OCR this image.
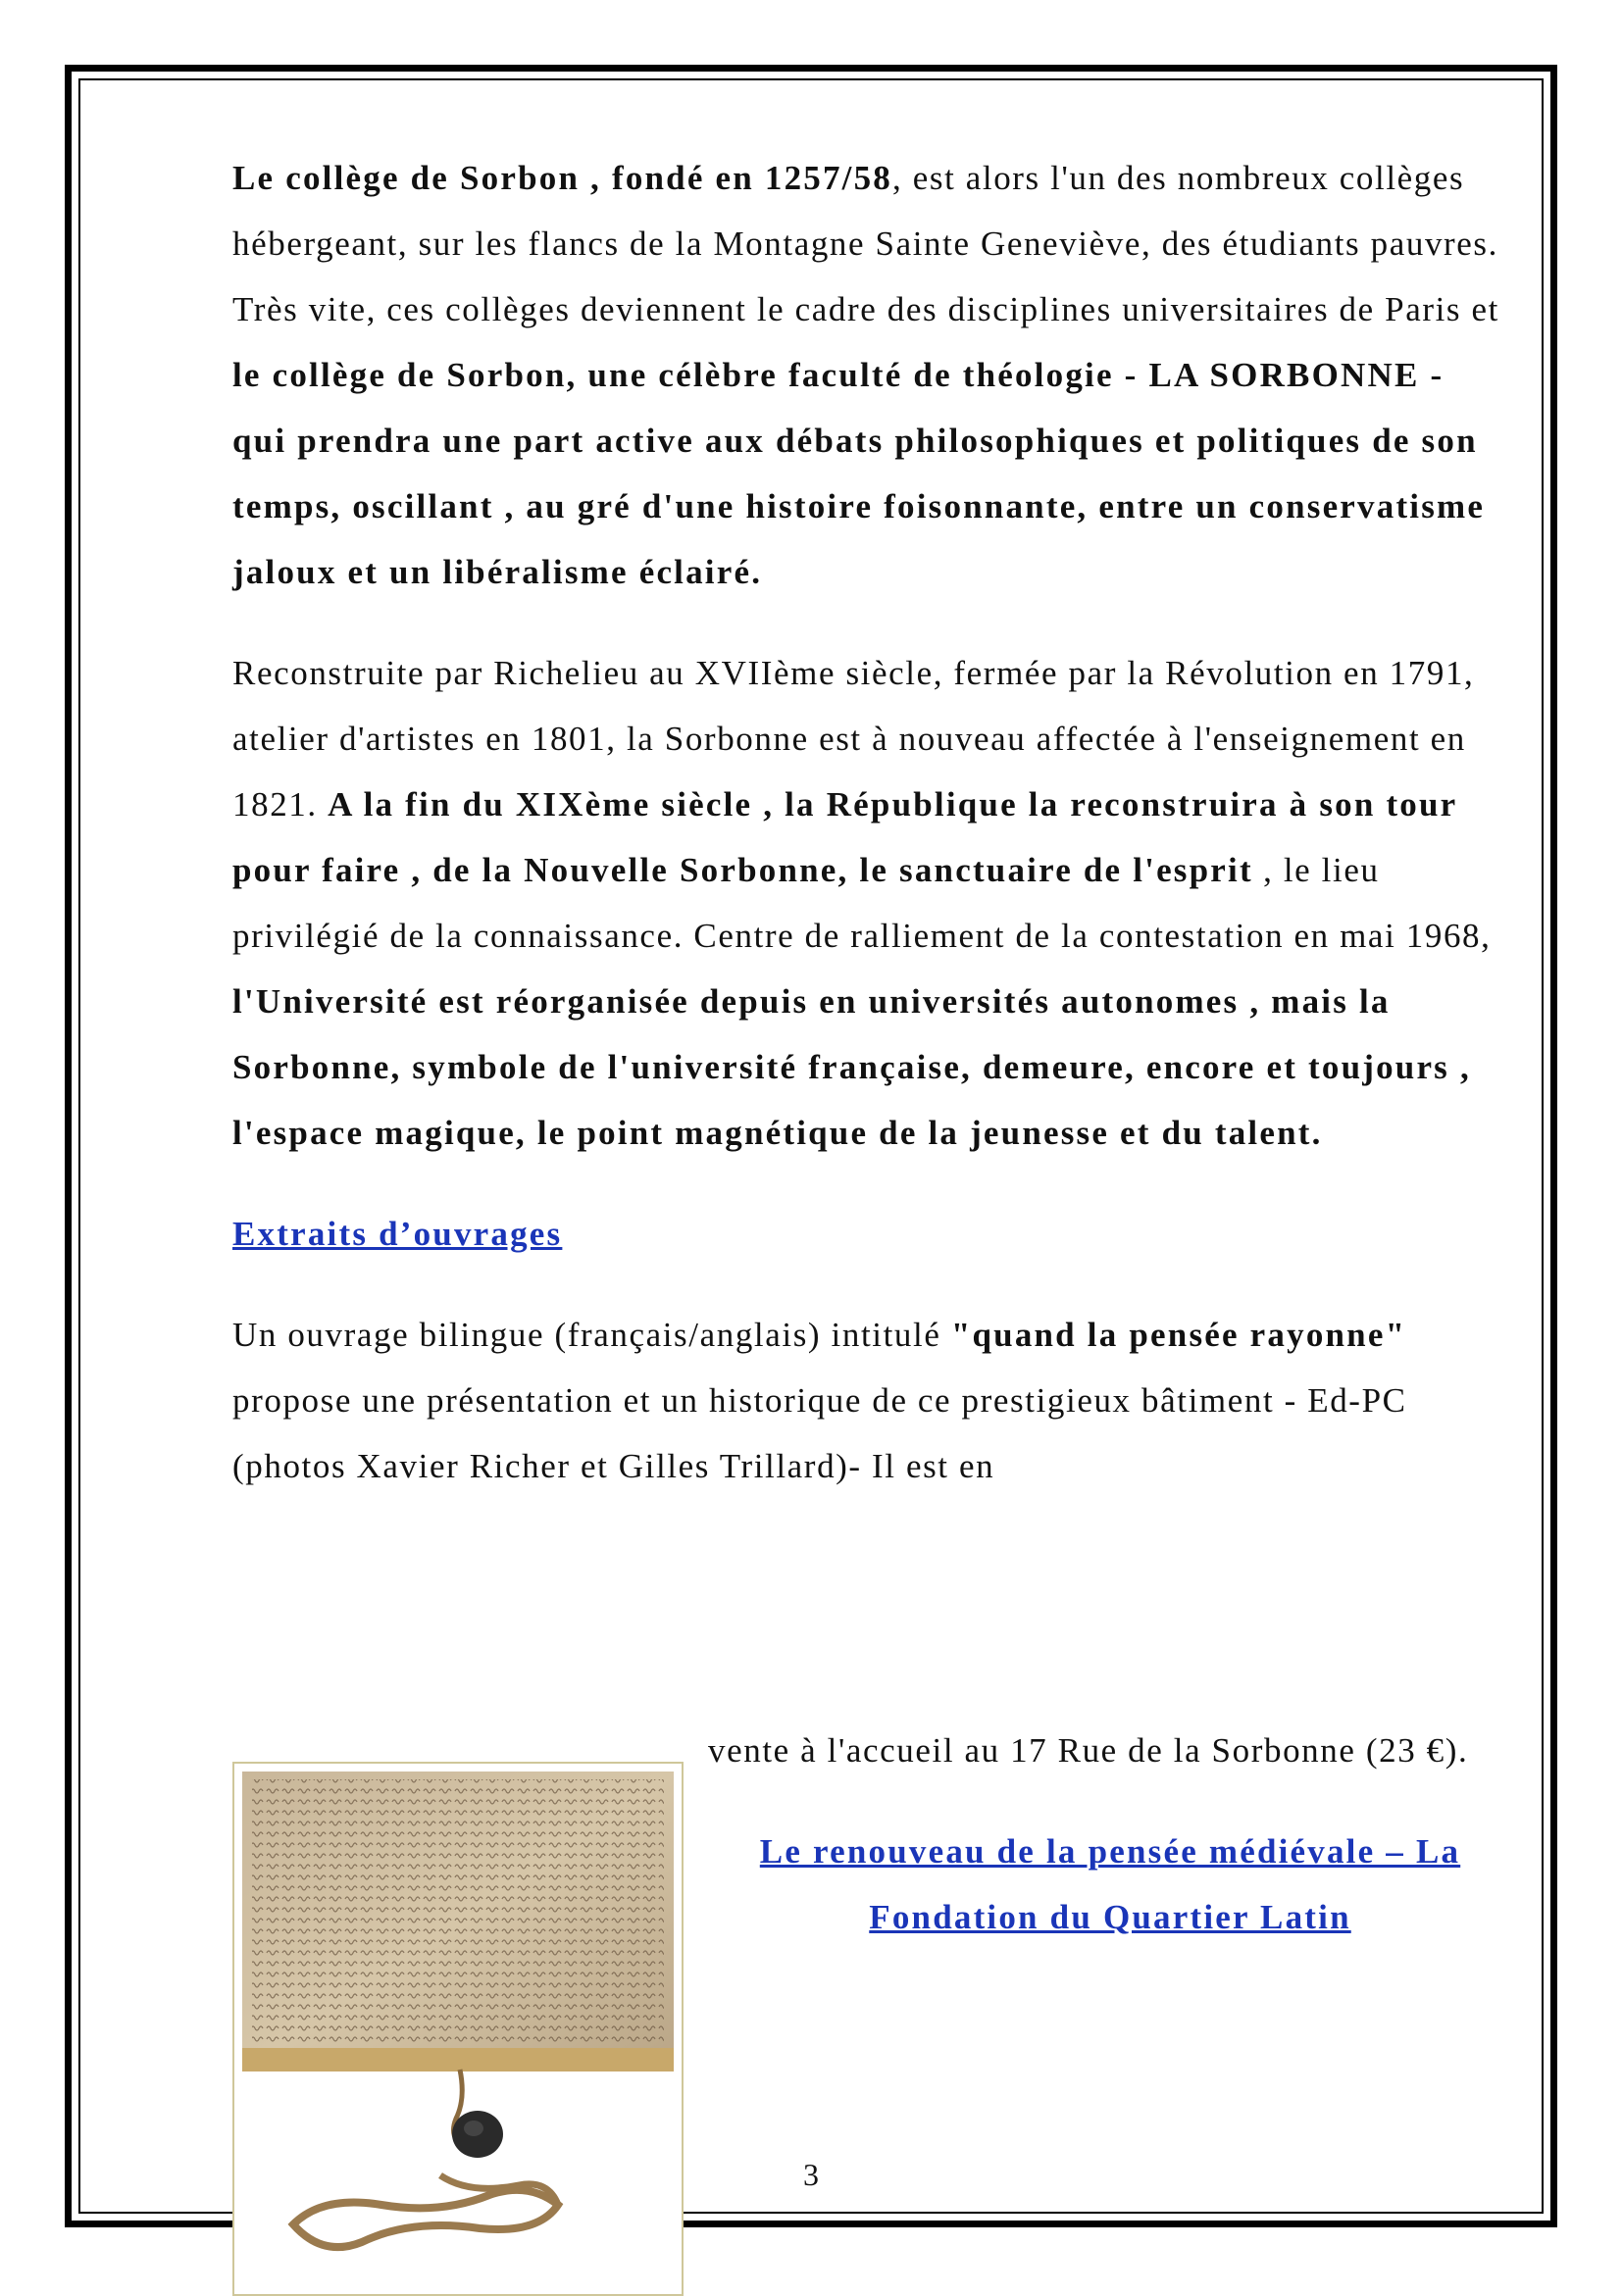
Le collège de Sorbon , fondé en 1257/58, est alors l'un des nombreux collèges hébergeant, sur les flancs de la Montagne Sainte Geneviève, des étudiants pauvres. Très vite, ces collèges deviennent le cadre des disciplines universitaires de Paris et le collège de Sorbon, une célèbre faculté de théologie - LA SORBONNE - qui prendra une part active aux débats philosophiques et politiques de son temps, oscillant , au gré d'une histoire foisonnante, entre un conservatisme jaloux et un libéralisme éclairé.

Reconstruite par Richelieu au XVIIème siècle, fermée par la Révolution en 1791, atelier d'artistes en 1801, la Sorbonne est à nouveau affectée à l'enseignement en 1821. A la fin du XIXème siècle , la République la reconstruira à son tour pour faire , de la Nouvelle Sorbonne, le sanctuaire de l'esprit , le lieu privilégié de la connaissance. Centre de ralliement de la contestation en mai 1968, l'Université est réorganisée depuis en universités autonomes , mais la Sorbonne, symbole de l'université française, demeure, encore et toujours , l'espace magique, le point magnétique de la jeunesse et du talent.

Extraits d’ouvrages

Un ouvrage bilingue (français/anglais) intitulé "quand la pensée rayonne" propose une présentation et un historique de ce prestigieux bâtiment - Ed-PC (photos Xavier Richer et Gilles Trillard)- Il est en

vente à l'accueil au 17 Rue de la Sorbonne (23 €).

Le renouveau de la pensée médiévale – La
Fondation du Quartier Latin

3
